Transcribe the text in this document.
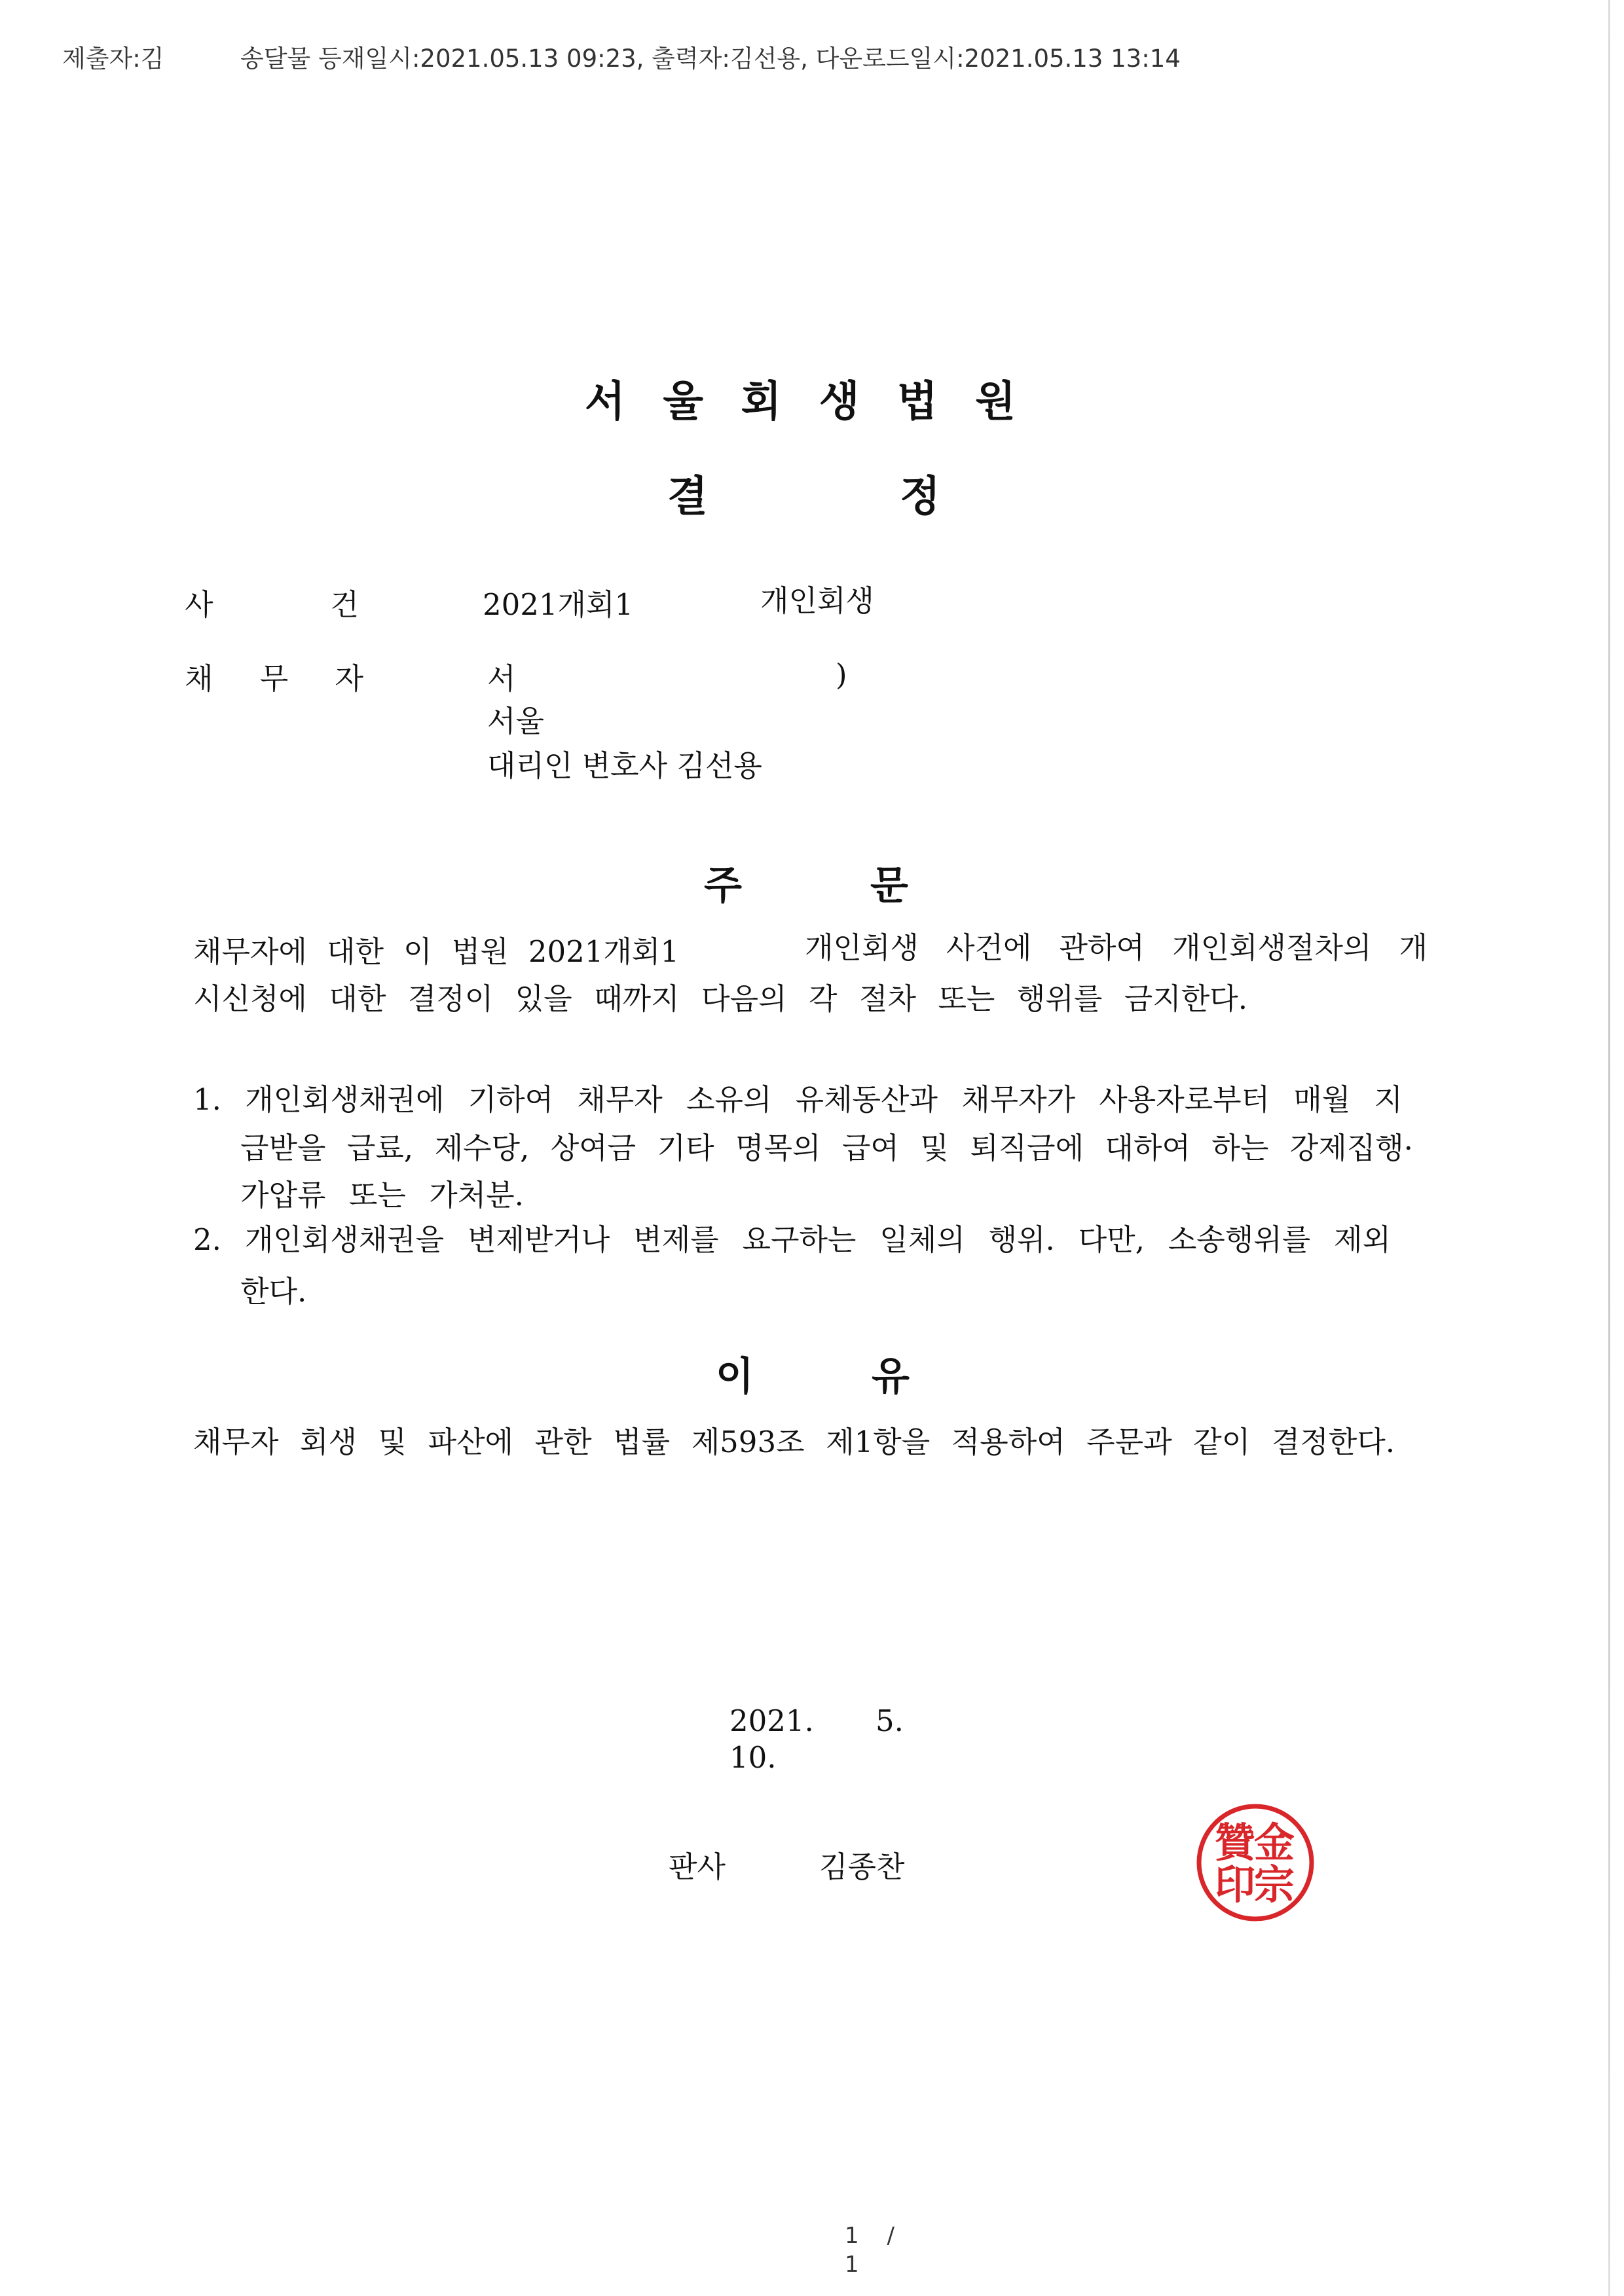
제출자:김	송달물 등재일시:2021.05.13 09:23, 출력자:김선용, 다운로드일시:2021.05.13 13:14
서 울 회 생 법 원
결 정
사 건	2021개회1	개인회생
채 무 자	서	)
서울
대리인 변호사 김선용
주 문
채무자에 대한 이 법원 2021개회1	개인회생 사건에 관하여 개인회생절차의 개
시신청에 대한 결정이 있을 때까지 다음의 각 절차 또는 행위를 금지한다.
1. 개인회생채권에 기하여 채무자 소유의 유체동산과 채무자가 사용자로부터 매월 지
급받을 급료, 제수당, 상여금 기타 명목의 급여 및 퇴직금에 대하여 하는 강제집행·
가압류 또는 가처분.
2. 개인회생채권을 변제받거나 변제를 요구하는 일체의 행위. 다만, 소송행위를 제외
한다.
이 유
채무자 회생 및 파산에 관한 법률 제593조 제1항을 적용하여 주문과 같이 결정한다.
2021. 5. 10.
판사	김종찬
金
宗
贊
印
1 / 1
